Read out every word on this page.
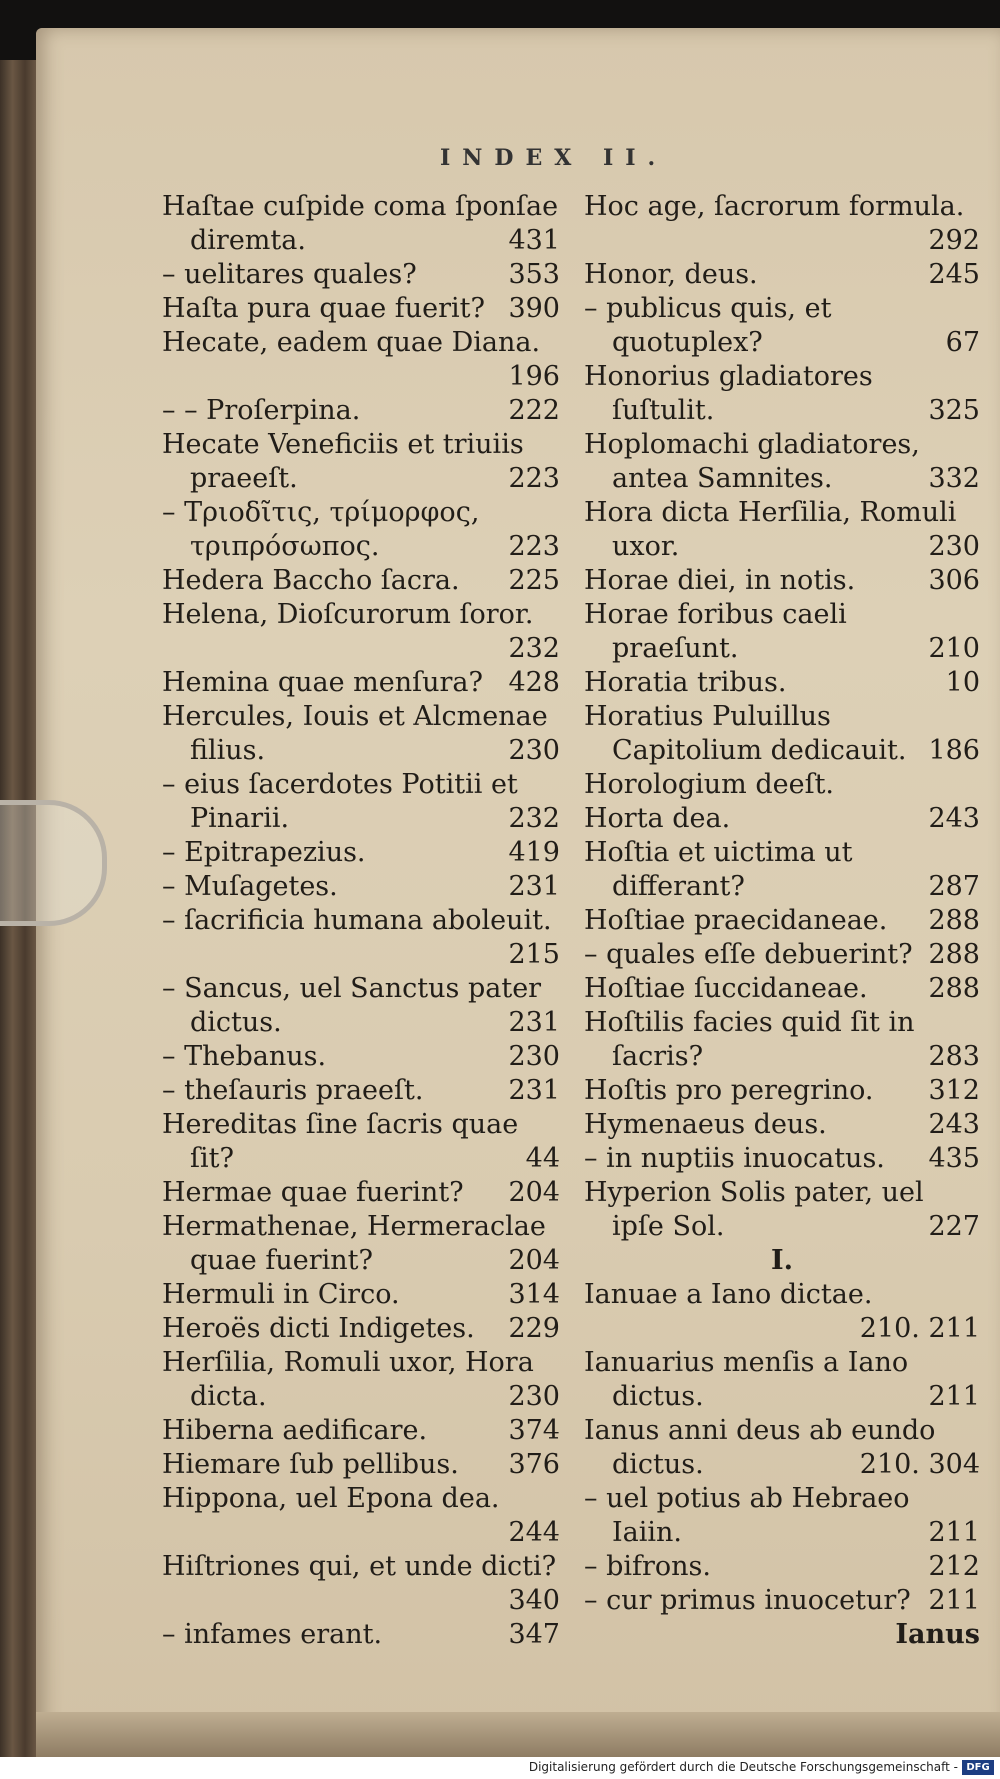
INDEX II.
Haſtae cuſpide coma ſponſae diremta.	431
– uelitares quales?	353
Haſta pura quae fuerit? 390
Hecate, eadem quae Diana.
196
– – Proſerpina.	222
Hecate Veneficiis et triuiis praeeſt.	223
– Τριοδῖτις, τρίμορφος, τριπρόσωπος.	223
Hedera Baccho ſacra.	225
Helena, Dioſcurorum ſoror.
232
Hemina quae menſura? 428
Hercules, Iouis et Alcmenae filius.	230
– eius ſacerdotes Potitii et Pinarii.	232
– Epitrapezius.	419
– Muſagetes.	231
– ſacrificia humana aboleuit.
215
– Sancus, uel Sanctus pater dictus.	231
– Thebanus.	230
– theſauris praeeſt.	231
Hereditas ſine ſacris quae ſit?	44
Hermae quae fuerint?	204
Hermathenae, Hermeraclae quae fuerint?	204
Hermuli in Circo.	314
Heroës dicti Indigetes.	229
Herſilia, Romuli uxor, Hora dicta.	230
Hiberna aedificare.	374
Hiemare ſub pellibus.	376
Hippona, uel Epona dea.
244
Hiſtriones qui, et unde dicti?
340
– infames erant.	347
Hoc age, ſacrorum formula.
292
Honor, deus.	245
– publicus quis, et quotuplex?	67
Honorius gladiatores ſuſtulit.	325
Hoplomachi gladiatores, antea Samnites.	332
Hora dicta Herſilia, Romuli uxor.	230
Horae diei, in notis.	306
Horae foribus caeli praeſunt.	210
Horatia tribus.	10
Horatius Puluillus Capitolium dedicauit. 186
Horologium deeſt.
Horta dea.	243
Hoſtia et uictima ut differant?	287
Hoſtiae praecidaneae.	288
– quales eſſe debuerint? 288
Hoſtiae ſuccidaneae.	288
Hoſtilis facies quid ſit in ſacris?	283
Hoſtis pro peregrino.	312
Hymenaeus deus.	243
– in nuptiis inuocatus.	435
Hyperion Solis pater, uel ipſe Sol.	227
I.
Ianuae a Iano dictae.
210. 211
Ianuarius menſis a Iano dictus.	211
Ianus anni deus ab eundo dictus.	210. 304
– uel potius ab Hebraeo Iaiin.	211
– bifrons.	212
– cur primus inuocetur? 211
Ianus
Digitalisierung gefördert durch die Deutsche Forschungsgemeinschaft - DFG
